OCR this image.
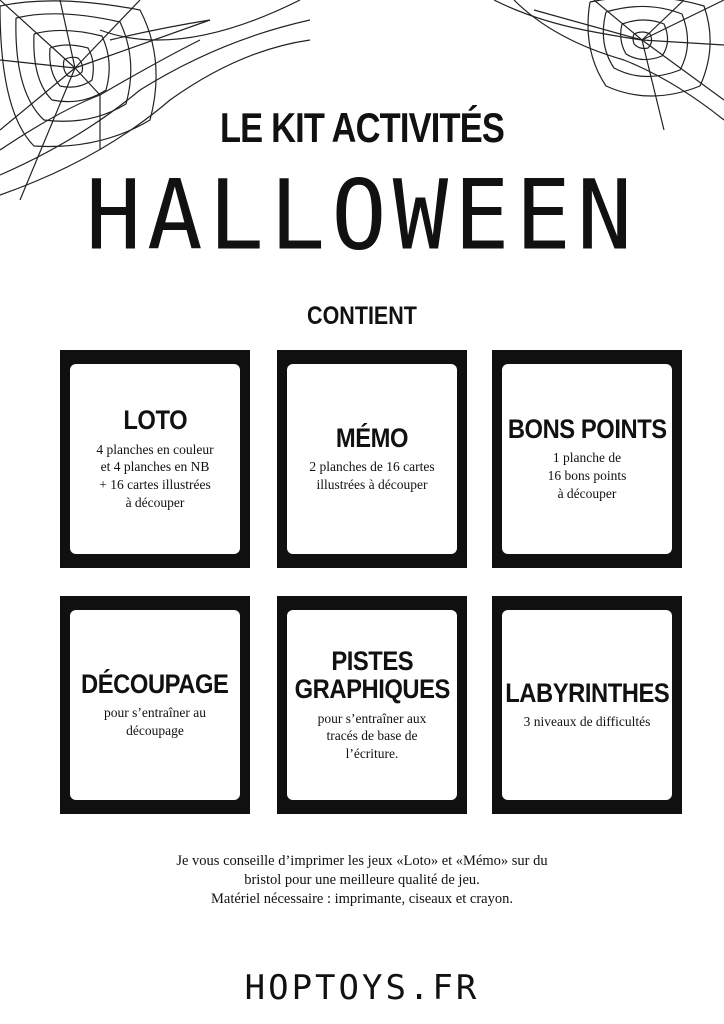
LE KIT ACTIVITÉS
HALLOWEEN
CONTIENT
LOTO
4 planches en couleur
et 4 planches en NB
+ 16 cartes illustrées
à découper
MÉMO
2 planches de 16 cartes
illustrées à découper
BONS POINTS
1 planche de
16 bons points
à découper
DÉCOUPAGE
pour s’entraîner au
découpage
PISTES
GRAPHIQUES
pour s’entraîner aux
tracés de base de
l’écriture.
LABYRINTHES
3 niveaux de difficultés
Je vous conseille d’imprimer les jeux «Loto» et «Mémo» sur du
bristol pour une meilleure qualité de jeu.
Matériel nécessaire : imprimante, ciseaux et crayon.
HOPTOYS.FR
